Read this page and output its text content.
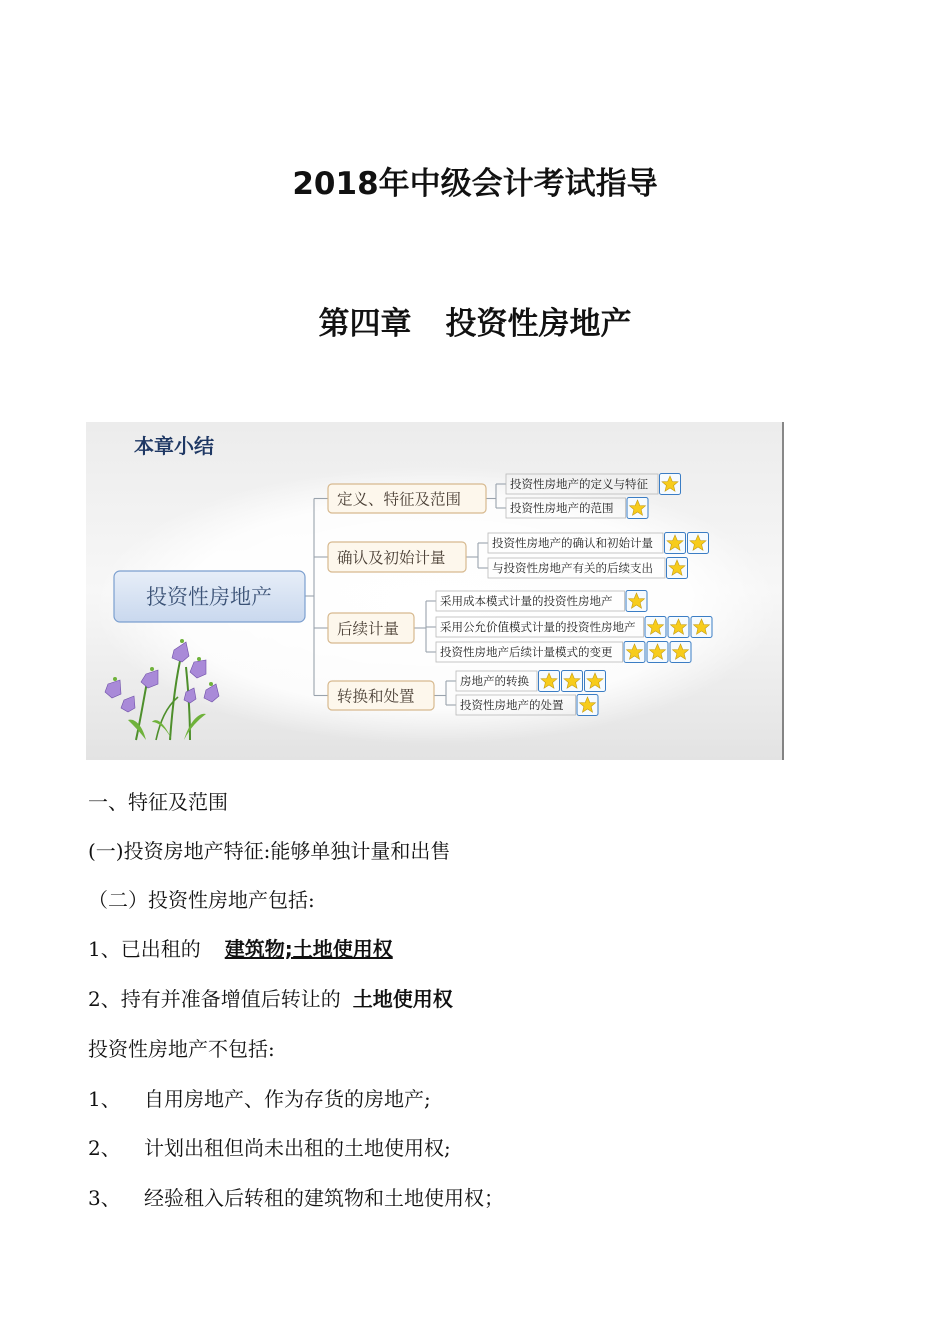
2018年中级会计考试指导
第四章 投资性房地产
本章小结
投资性房地产
定义、特征及范围
投资性房地产的定义与特征
投资性房地产的范围
确认及初始计量
投资性房地产的确认和初始计量
与投资性房地产有关的后续支出
后续计量
采用成本模式计量的投资性房地产
采用公允价值模式计量的投资性房地产
投资性房地产后续计量模式的变更
转换和处置
房地产的转换
投资性房地产的处置
一、特征及范围
(一)投资房地产特征:能够单独计量和出售
（二）投资性房地产包括:
1、已出租的 建筑物;土地使用权
2、持有并准备增值后转让的 土地使用权
投资性房地产不包括:
1、 自用房地产、作为存货的房地产;
2、 计划出租但尚未出租的土地使用权;
3、 经验租入后转租的建筑物和土地使用权；
